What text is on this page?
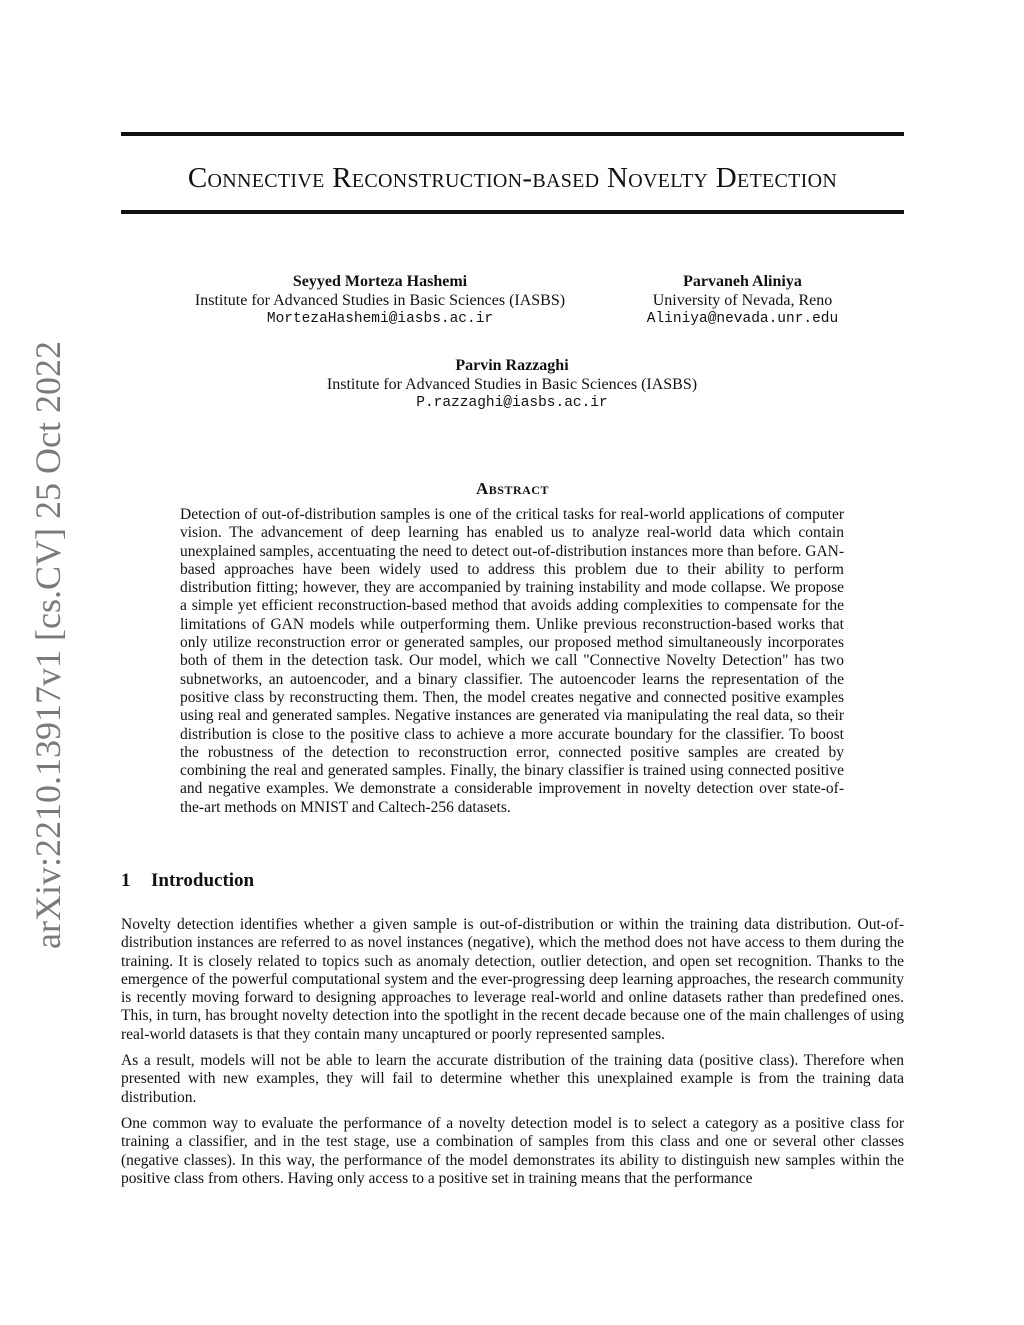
arXiv:2210.13917v1 [cs.CV] 25 Oct 2022
Connective Reconstruction-based Novelty Detection
Seyyed Morteza Hashemi
Institute for Advanced Studies in Basic Sciences (IASBS)
MortezaHashemi@iasbs.ac.ir
Parvaneh Aliniya
University of Nevada, Reno
Aliniya@nevada.unr.edu
Parvin Razzaghi
Institute for Advanced Studies in Basic Sciences (IASBS)
P.razzaghi@iasbs.ac.ir
Abstract
Detection of out-of-distribution samples is one of the critical tasks for real-world applications of computer vision. The advancement of deep learning has enabled us to analyze real-world data which contain unexplained samples, accentuating the need to detect out-of-distribution instances more than before. GAN-based approaches have been widely used to address this problem due to their ability to perform distribution fitting; however, they are accompanied by training instability and mode collapse. We propose a simple yet efficient reconstruction-based method that avoids adding complexities to compensate for the limitations of GAN models while outperforming them. Unlike previous reconstruction-based works that only utilize reconstruction error or generated samples, our proposed method simultaneously incorporates both of them in the detection task. Our model, which we call "Connective Novelty Detection" has two subnetworks, an autoencoder, and a binary classifier. The autoencoder learns the representation of the positive class by reconstructing them. Then, the model creates negative and connected positive examples using real and generated samples. Negative instances are generated via manipulating the real data, so their distribution is close to the positive class to achieve a more accurate boundary for the classifier. To boost the robustness of the detection to reconstruction error, connected positive samples are created by combining the real and generated samples. Finally, the binary classifier is trained using connected positive and negative examples. We demonstrate a considerable improvement in novelty detection over state-of-the-art methods on MNIST and Caltech-256 datasets.
1 Introduction

Novelty detection identifies whether a given sample is out-of-distribution or within the training data distribution. Out-of-distribution instances are referred to as novel instances (negative), which the method does not have access to them during the training. It is closely related to topics such as anomaly detection, outlier detection, and open set recognition. Thanks to the emergence of the powerful computational system and the ever-progressing deep learning approaches, the research community is recently moving forward to designing approaches to leverage real-world and online datasets rather than predefined ones. This, in turn, has brought novelty detection into the spotlight in the recent decade because one of the main challenges of using real-world datasets is that they contain many uncaptured or poorly represented samples.

As a result, models will not be able to learn the accurate distribution of the training data (positive class). Therefore when presented with new examples, they will fail to determine whether this unexplained example is from the training data distribution.

One common way to evaluate the performance of a novelty detection model is to select a category as a positive class for training a classifier, and in the test stage, use a combination of samples from this class and one or several other classes (negative classes). In this way, the performance of the model demonstrates its ability to distinguish new samples within the positive class from others. Having only access to a positive set in training means that the performance
